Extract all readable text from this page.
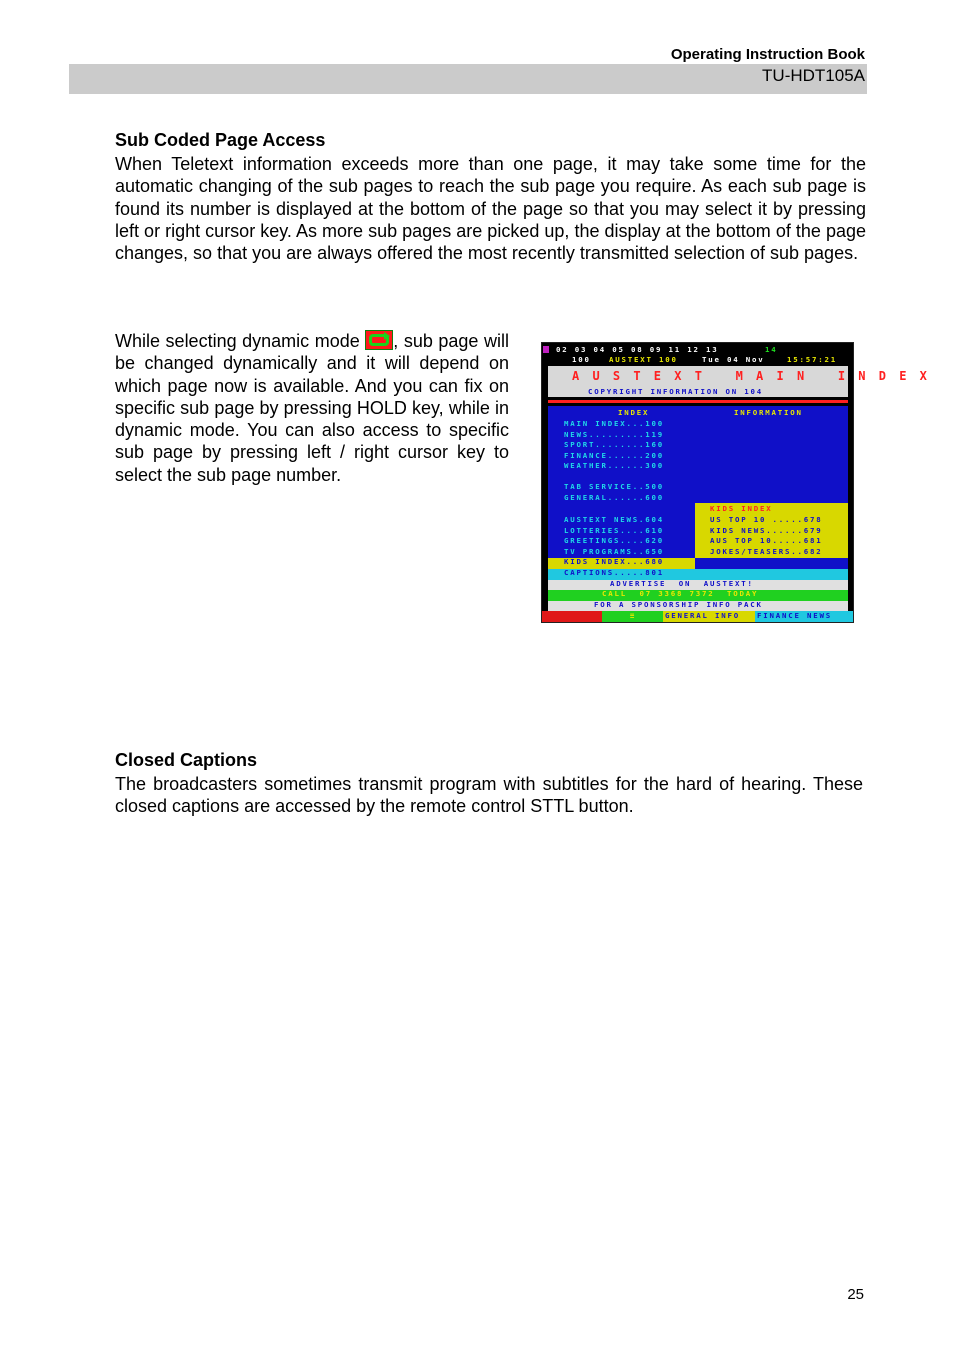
Operating Instruction Book
TU-HDT105A
Sub Coded Page Access

When Teletext information exceeds more than one page, it may take some time for the automatic changing of the sub pages to reach the sub page you require. As each sub page is found its number is displayed at the bottom of the page so that you may select it by pressing left or right cursor key. As more sub pages are picked up, the display at the bottom of the page changes, so that you are always offered the most recently transmitted selection of sub pages.

While selecting dynamic mode , sub page will be changed dynamically and it will depend on which page now is available. And you can fix on specific sub page by pressing HOLD key, while in dynamic mode. You can also access to specific sub page by pressing left / right cursor key to select the sub page number.

02 03 04 05 08 09 11 12 13	14
100 AUSTEXT 100	Tue 04 Nov	15:57:21
A U S T E X T   M A I N   I N D E X
COPYRIGHT INFORMATION ON 104
INDEX	INFORMATION
MAIN INDEX...100
NEWS.........119
SPORT........160
FINANCE......200
WEATHER......300
TAB SERVICE..500
GENERAL......600
KIDS INDEX
US TOP 10 .....678
KIDS NEWS......679
AUS TOP 10.....681
JOKES/TEASERS..682
AUSTEXT NEWS.604
LOTTERIES....610
GREETINGS....620
TV PROGRAMS..650
KIDS INDEX...680
CAPTIONS.....801
ADVERTISE  ON  AUSTEXT!
CALL  07 3368 7372  TODAY
FOR A SPONSORSHIP INFO PACK
≡	GENERAL INFO FINANCE NEWS
Closed Captions

The broadcasters sometimes transmit program with subtitles for the hard of hearing. These closed captions are accessed by the remote control STTL button.

25
